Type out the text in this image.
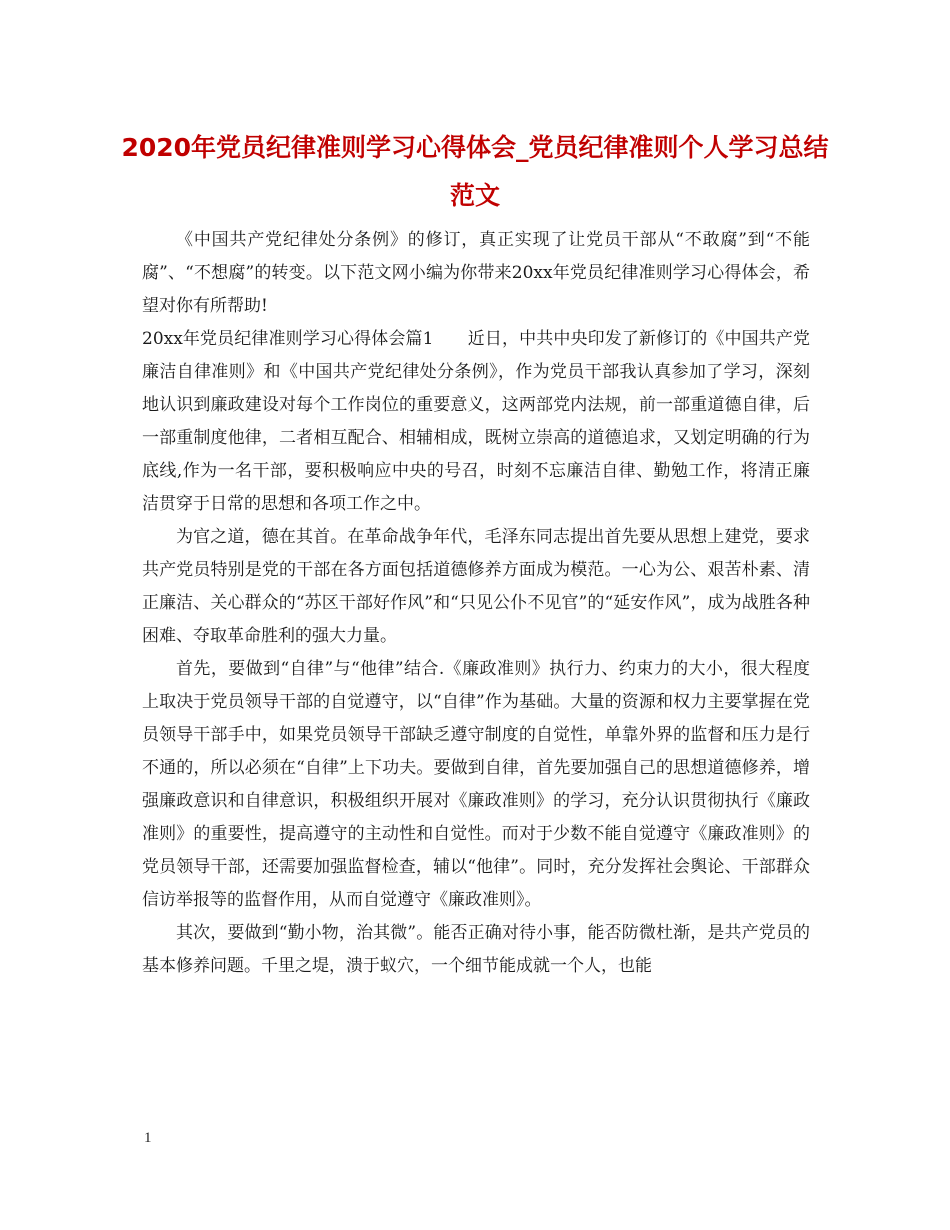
2020年党员纪律准则学习心得体会_党员纪律准则个人学习总结范文

《中国共产党纪律处分条例》的修订，真正实现了让党员干部从“不敢腐”到“不能腐”、“不想腐”的转变。以下范文网小编为你带来20xx年党员纪律准则学习心得体会，希望对你有所帮助!

20xx年党员纪律准则学习心得体会篇1　　近日，中共中央印发了新修订的《中国共产党廉洁自律准则》和《中国共产党纪律处分条例》，作为党员干部我认真参加了学习，深刻地认识到廉政建设对每个工作岗位的重要意义，这两部党内法规，前一部重道德自律，后一部重制度他律，二者相互配合、相辅相成，既树立崇高的道德追求，又划定明确的行为底线,作为一名干部，要积极响应中央的号召，时刻不忘廉洁自律、勤勉工作，将清正廉洁贯穿于日常的思想和各项工作之中。

为官之道，德在其首。在革命战争年代，毛泽东同志提出首先要从思想上建党，要求共产党员特别是党的干部在各方面包括道德修养方面成为模范。一心为公、艰苦朴素、清正廉洁、关心群众的“苏区干部好作风”和“只见公仆不见官”的“延安作风”，成为战胜各种困难、夺取革命胜利的强大力量。

首先，要做到“自律”与“他律”结合.《廉政准则》执行力、约束力的大小，很大程度上取决于党员领导干部的自觉遵守，以“自律”作为基础。大量的资源和权力主要掌握在党员领导干部手中，如果党员领导干部缺乏遵守制度的自觉性，单靠外界的监督和压力是行不通的，所以必须在“自律”上下功夫。要做到自律，首先要加强自己的思想道德修养，增强廉政意识和自律意识，积极组织开展对《廉政准则》的学习，充分认识贯彻执行《廉政准则》的重要性，提高遵守的主动性和自觉性。而对于少数不能自觉遵守《廉政准则》的党员领导干部，还需要加强监督检查，辅以“他律”。同时，充分发挥社会舆论、干部群众信访举报等的监督作用，从而自觉遵守《廉政准则》。

其次，要做到“勤小物，治其微”。能否正确对待小事，能否防微杜渐，是共产党员的基本修养问题。千里之堤，溃于蚁穴，一个细节能成就一个人，也能

1
